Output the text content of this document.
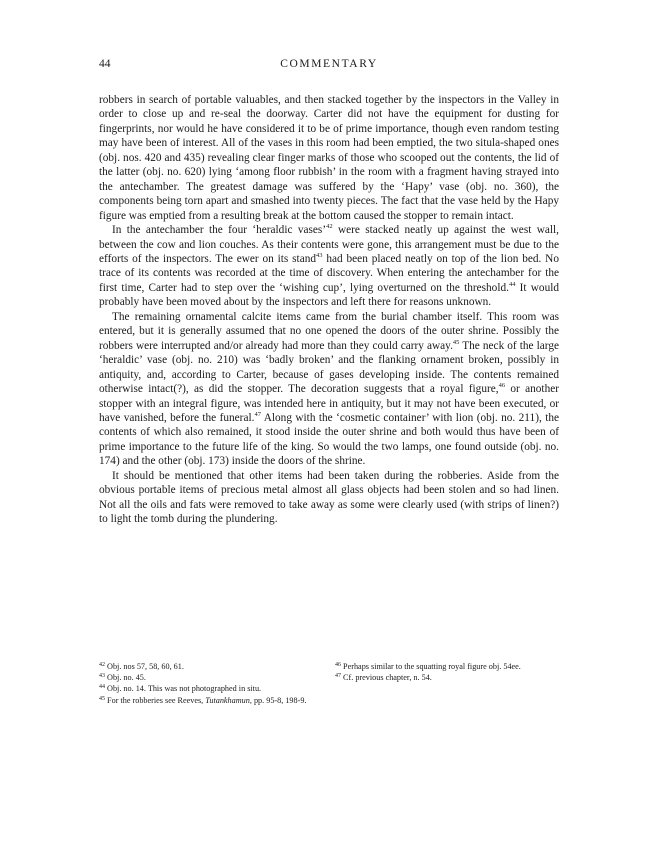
44	COMMENTARY

robbers in search of portable valuables, and then stacked together by the inspectors in the Valley in order to close up and re-seal the doorway. Carter did not have the equipment for dusting for fingerprints, nor would he have considered it to be of prime importance, though even random testing may have been of interest. All of the vases in this room had been emptied, the two situla-shaped ones (obj. nos. 420 and 435) revealing clear finger marks of those who scooped out the contents, the lid of the latter (obj. no. 620) lying ‘among floor rubbish’ in the room with a fragment having strayed into the antechamber. The greatest damage was suffered by the ‘Hapy’ vase (obj. no. 360), the components being torn apart and smashed into twenty pieces. The fact that the vase held by the Hapy figure was emptied from a resulting break at the bottom caused the stopper to remain intact.

In the antechamber the four ‘heraldic vases’$^{42}$ were stacked neatly up against the west wall, between the cow and lion couches. As their contents were gone, this arrangement must be due to the efforts of the inspectors. The ewer on its stand$^{43}$ had been placed neatly on top of the lion bed. No trace of its contents was recorded at the time of discovery. When entering the antechamber for the first time, Carter had to step over the ‘wishing cup’, lying overturned on the threshold.$^{44}$ It would probably have been moved about by the inspectors and left there for reasons unknown.

The remaining ornamental calcite items came from the burial chamber itself. This room was entered, but it is generally assumed that no one opened the doors of the outer shrine. Possibly the robbers were interrupted and/or already had more than they could carry away.$^{45}$ The neck of the large ‘heraldic’ vase (obj. no. 210) was ‘badly broken’ and the flanking ornament broken, possibly in antiquity, and, according to Carter, because of gases developing inside. The contents remained otherwise intact(?), as did the stopper. The decoration suggests that a royal figure,$^{46}$ or another stopper with an integral figure, was intended here in antiquity, but it may not have been executed, or have vanished, before the funeral.$^{47}$ Along with the ‘cosmetic container’ with lion (obj. no. 211), the contents of which also remained, it stood inside the outer shrine and both would thus have been of prime importance to the future life of the king. So would the two lamps, one found outside (obj. no. 174) and the other (obj. 173) inside the doors of the shrine.

It should be mentioned that other items had been taken during the robberies. Aside from the obvious portable items of precious metal almost all glass objects had been stolen and so had linen. Not all the oils and fats were removed to take away as some were clearly used (with strips of linen?) to light the tomb during the plundering.

$^{42}$ Obj. nos 57, 58, 60, 61.

$^{43}$ Obj. no. 45.

$^{44}$ Obj. no. 14. This was not photographed in situ.

$^{45}$ For the robberies see Reeves, Tutankhamun, pp. 95-8, 198-9.

$^{46}$ Perhaps similar to the squatting royal figure obj. 54ee.

$^{47}$ Cf. previous chapter, n. 54.
